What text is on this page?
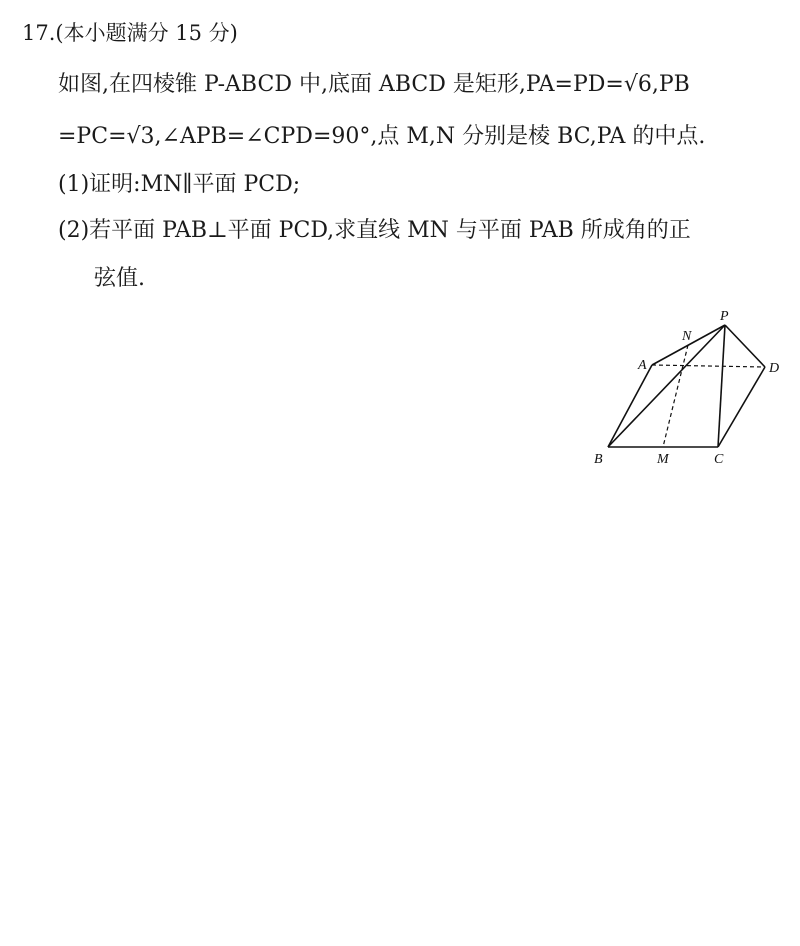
17.(本小题满分 15 分)
如图,在四棱锥 P-ABCD 中,底面 ABCD 是矩形,PA=PD=√6,PB
=PC=√3,∠APB=∠CPD=90°,点 M,N 分别是棱 BC,PA 的中点.
(1)证明:MN∥平面 PCD;
(2)若平面 PAB⊥平面 PCD,求直线 MN 与平面 PAB 所成角的正
弦值.
P
N
A	D
B	M	C
